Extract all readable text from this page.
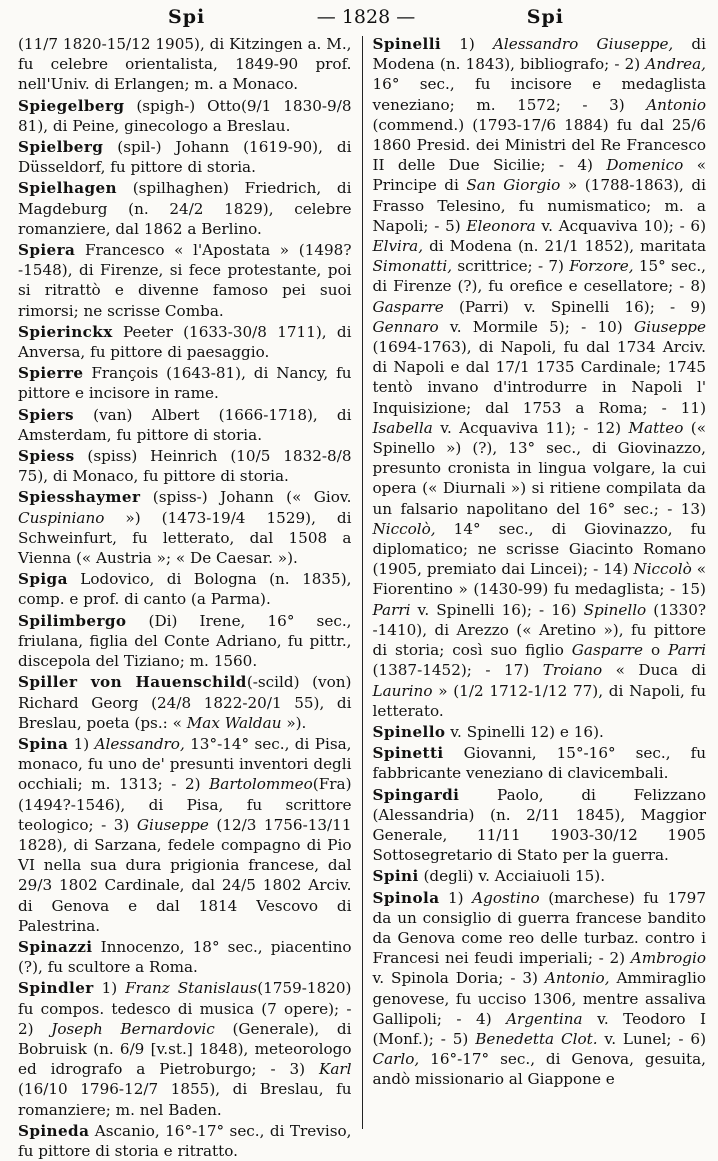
Spi	— 1828 —	Spi

(11/7 1820-15/12 1905), di Kitzingen a. M., fu celebre orientalista, 1849-90 prof. nell'Univ. di Erlangen; m. a Monaco.

Spiegelberg (spigh-) Otto(9/1 1830-9/8 81), di Peine, ginecologo a Breslau.

Spielberg (spil-) Johann (1619-90), di Düsseldorf, fu pittore di storia.

Spielhagen (spilhaghen) Friedrich, di Magdeburg (n. 24/2 1829), celebre romanziere, dal 1862 a Berlino.

Spiera Francesco « l'Apostata » (1498?-1548), di Firenze, si fece protestante, poi si ritrattò e divenne famoso pei suoi rimorsi; ne scrisse Comba.

Spierinckx Peeter (1633-30/8 1711), di Anversa, fu pittore di paesaggio.

Spierre François (1643-81), di Nancy, fu pittore e incisore in rame.

Spiers (van) Albert (1666-1718), di Amsterdam, fu pittore di storia.

Spiess (spiss) Heinrich (10/5 1832-8/8 75), di Monaco, fu pittore di storia.

Spiesshaymer (spiss-) Johann (« Giov. Cuspiniano ») (1473-19/4 1529), di Schweinfurt, fu letterato, dal 1508 a Vienna (« Austria »; « De Caesar. »).

Spiga Lodovico, di Bologna (n. 1835), comp. e prof. di canto (a Parma).

Spilimbergo (Di) Irene, 16° sec., friulana, figlia del Conte Adriano, fu pittr., discepola del Tiziano; m. 1560.

Spiller von Hauenschild(-scild) (von) Richard Georg (24/8 1822-20/1 55), di Breslau, poeta (ps.: « Max Waldau »).

Spina 1) Alessandro, 13°-14° sec., di Pisa, monaco, fu uno de' presunti inventori degli occhiali; m. 1313; - 2) Bartolommeo(Fra)(1494?-1546), di Pisa, fu scrittore teologico; - 3) Giuseppe (12/3 1756-13/11 1828), di Sarzana, fedele compagno di Pio VI nella sua dura prigionia francese, dal 29/3 1802 Cardinale, dal 24/5 1802 Arciv. di Genova e dal 1814 Vescovo di Palestrina.

Spinazzi Innocenzo, 18° sec., piacentino (?), fu scultore a Roma.

Spindler 1) Franz Stanislaus(1759-1820) fu compos. tedesco di musica (7 opere); - 2) Joseph Bernardovic (Generale), di Bobruisk (n. 6/9 [v.st.] 1848), meteorologo ed idrografo a Pietroburgo; - 3) Karl (16/10 1796-12/7 1855), di Breslau, fu romanziere; m. nel Baden.

Spineda Ascanio, 16°-17° sec., di Treviso, fu pittore di storia e ritratto.

Spinelli 1) Alessandro Giuseppe, di Modena (n. 1843), bibliografo; - 2) Andrea, 16° sec., fu incisore e medaglista veneziano; m. 1572; - 3) Antonio (commend.) (1793-17/6 1884) fu dal 25/6 1860 Presid. dei Ministri del Re Francesco II delle Due Sicilie; - 4) Domenico « Principe di San Giorgio » (1788-1863), di Frasso Telesino, fu numismatico; m. a Napoli; - 5) Eleonora v. Acquaviva 10); - 6) Elvira, di Modena (n. 21/1 1852), maritata Simonatti, scrittrice; - 7) Forzore, 15° sec., di Firenze (?), fu orefice e cesellatore; - 8) Gasparre (Parri) v. Spinelli 16); - 9) Gennaro v. Mormile 5); - 10) Giuseppe (1694-1763), di Napoli, fu dal 1734 Arciv. di Napoli e dal 17/1 1735 Cardinale; 1745 tentò invano d'introdurre in Napoli l' Inquisizione; dal 1753 a Roma; - 11) Isabella v. Acquaviva 11); - 12) Matteo (« Spinello ») (?), 13° sec., di Giovinazzo, presunto cronista in lingua volgare, la cui opera (« Diurnali ») si ritiene compilata da un falsario napolitano del 16° sec.; - 13) Niccolò, 14° sec., di Giovinazzo, fu diplomatico; ne scrisse Giacinto Romano (1905, premiato dai Lincei); - 14) Niccolò « Fiorentino » (1430-99) fu medaglista; - 15) Parri v. Spinelli 16); - 16) Spinello (1330?-1410), di Arezzo (« Aretino »), fu pittore di storia; così suo figlio Gasparre o Parri (1387-1452); - 17) Troiano « Duca di Laurino » (1/2 1712-1/12 77), di Napoli, fu letterato.

Spinello v. Spinelli 12) e 16).

Spinetti Giovanni, 15°-16° sec., fu fabbricante veneziano di clavicembali.

Spingardi Paolo, di Felizzano (Alessandria) (n. 2/11 1845), Maggior Generale, 11/11 1903-30/12 1905 Sottosegretario di Stato per la guerra.

Spini (degli) v. Acciaiuoli 15).

Spinola 1) Agostino (marchese) fu 1797 da un consiglio di guerra francese bandito da Genova come reo delle turbaz. contro i Francesi nei feudi imperiali; - 2) Ambrogio v. Spinola Doria; - 3) Antonio, Ammiraglio genovese, fu ucciso 1306, mentre assaliva Gallipoli; - 4) Argentina v. Teodoro I (Monf.); - 5) Benedetta Clot. v. Lunel; - 6) Carlo, 16°-17° sec., di Genova, gesuita, andò missionario al Giappone e
